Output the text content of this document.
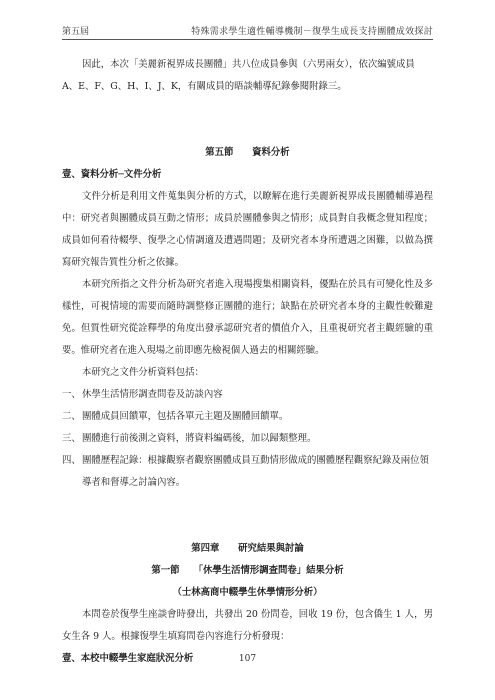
第五屆	特殊需求學生適性輔導機制－復學生成長支持團體成效探討

因此，本次「美麗新視界成長團體」共八位成員參與（六男兩女），依次編號成員

A、E、F、G、H、I、J、K，有關成員的晤談輔導紀錄參閱附錄三。

第五節　　資料分析
壹、資料分析─文件分析

文件分析是利用文件蒐集與分析的方式，以瞭解在進行美麗新視界成長團體輔導過程中：研究者與團體成員互動之情形；成員於團體參與之情形；成員對自我概念覺知程度；成員如何看待輟學、復學之心情調適及遭遇問題；及研究者本身所遭遇之困難，以做為撰寫研究報告質性分析之依據。

本研究所指之文件分析為研究者進入現場搜集相關資料，優點在於具有可變化性及多樣性，可視情境的需要而隨時調整修正團體的進行；缺點在於研究者本身的主觀性較難避免。但質性研究從詮釋學的角度出發承認研究者的價值介入，且重視研究者主觀經驗的重要。惟研究者在進入現場之前即應先檢視個人過去的相關經驗。

本研究之文件分析資料包括：

一、 休學生活情形調查問卷及訪談內容
二、 團體成員回饋單，包括各單元主題及團體回饋單。
三、 團體進行前後測之資料，將資料編碼後，加以歸類整理。
四、 團體歷程記錄：根據觀察者觀察團體成員互動情形做成的團體歷程觀察紀錄及兩位領導者和督導之討論內容。
第四章　　研究結果與討論
第一節　　「休學生活情形調查問卷」結果分析
（士林高商中輟學生休學情形分析）

本問卷於復學生座談會時發出，共發出 20 份問卷，回收 19 份，包含僑生 1 人，男女生各 9 人。根據復學生填寫問卷內容進行分析發現：

壹、本校中輟學生家庭狀況分析	107
